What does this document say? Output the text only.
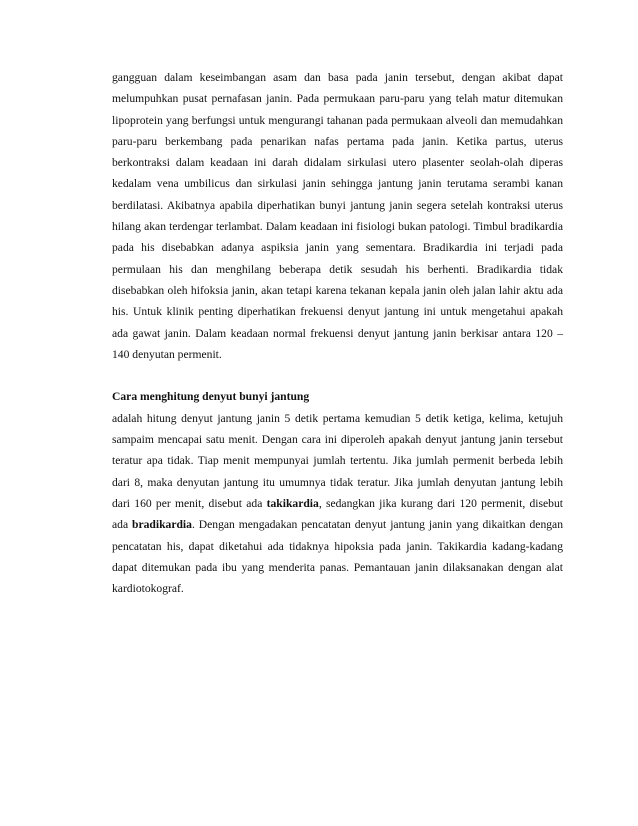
gangguan dalam keseimbangan asam dan basa pada janin tersebut, dengan akibat dapat melumpuhkan pusat pernafasan janin. Pada permukaan paru-paru yang telah matur ditemukan lipoprotein yang berfungsi untuk mengurangi tahanan pada permukaan alveoli dan memudahkan paru-paru berkembang pada penarikan nafas pertama pada janin. Ketika partus, uterus berkontraksi dalam keadaan ini darah didalam sirkulasi utero plasenter seolah-olah diperas kedalam vena umbilicus dan sirkulasi janin sehingga jantung janin terutama serambi kanan berdilatasi. Akibatnya apabila diperhatikan bunyi jantung janin segera setelah kontraksi uterus hilang akan terdengar terlambat. Dalam keadaan ini fisiologi bukan patologi. Timbul bradikardia pada his disebabkan adanya aspiksia janin yang sementara. Bradikardia ini terjadi pada permulaan his dan menghilang beberapa detik sesudah his berhenti. Bradikardia tidak disebabkan oleh hifoksia janin, akan tetapi karena tekanan kepala janin oleh jalan lahir aktu ada his. Untuk klinik penting diperhatikan frekuensi denyut jantung ini untuk mengetahui apakah ada gawat janin. Dalam keadaan normal frekuensi denyut jantung janin berkisar antara 120 – 140 denyutan permenit.

Cara menghitung denyut bunyi jantung

adalah hitung denyut jantung janin 5 detik pertama kemudian 5 detik ketiga, kelima, ketujuh sampaim mencapai satu menit. Dengan cara ini diperoleh apakah denyut jantung janin tersebut teratur apa tidak. Tiap menit mempunyai jumlah tertentu. Jika jumlah permenit berbeda lebih dari 8, maka denyutan jantung itu umumnya tidak teratur. Jika jumlah denyutan jantung lebih dari 160 per menit, disebut ada takikardia, sedangkan jika kurang dari 120 permenit, disebut ada bradikardia. Dengan mengadakan pencatatan denyut jantung janin yang dikaitkan dengan pencatatan his, dapat diketahui ada tidaknya hipoksia pada janin. Takikardia kadang-kadang dapat ditemukan pada ibu yang menderita panas. Pemantauan janin dilaksanakan dengan alat kardiotokograf.
